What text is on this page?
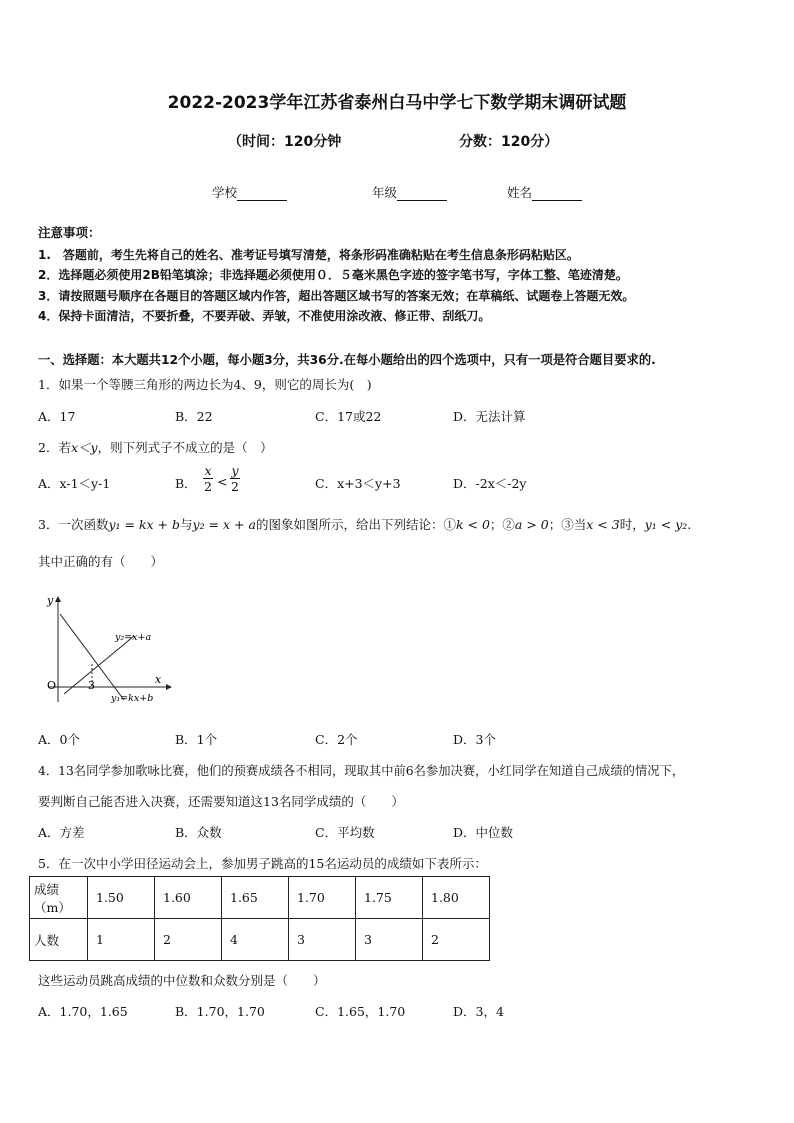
2022-2023学年江苏省泰州白马中学七下数学期末调研试题
（时间：120分钟	分数：120分）
学校	年级	姓名
注意事项：
1.　答题前，考生先将自己的姓名、准考证号填写清楚，将条形码准确粘贴在考生信息条形码粘贴区。
2．选择题必须使用2B铅笔填涂；非选择题必须使用０．５毫米黑色字迹的签字笔书写，字体工整、笔迹清楚。
3．请按照题号顺序在各题目的答题区域内作答，超出答题区域书写的答案无效；在草稿纸、试题卷上答题无效。
4．保持卡面清洁，不要折叠，不要弄破、弄皱，不准使用涂改液、修正带、刮纸刀。
一、选择题：本大题共12个小题，每小题3分，共36分.在每小题给出的四个选项中，只有一项是符合题目要求的.
1．如果一个等腰三角形的两边长为4、9，则它的周长为(　)
A．17	B．22	C．17或22	D．无法计算
2．若x＜y，则下列式子不成立的是（　）
A．x-1＜y-1	B．
x
2 <
y
2	C．x+3＜y+3	D．-2x＜-2y
3．一次函数y₁ = kx + b与y₂ = x + a的图象如图所示，给出下列结论：①k < 0；②a > 0；③当x < 3时，y₁ < y₂.
其中正确的有（　　）
y
x
O	3
y₂=x+a
y₁=kx+b
A．0个	B．1个	C．2个	D．3个
4．13名同学参加歌咏比赛，他们的预赛成绩各不相同，现取其中前6名参加决赛，小红同学在知道自己成绩的情况下，
要判断自己能否进入决赛，还需要知道这13名同学成绩的（　　）
A．方差	B．众数	C．平均数	D．中位数
5．在一次中小学田径运动会上，参加男子跳高的15名运动员的成绩如下表所示：
成绩（m）	1.50	1.60	1.65	1.70	1.75	1.80
人数	1	2	4	3	3	2
这些运动员跳高成绩的中位数和众数分别是（　　）
A．1.70，1.65	B．1.70，1.70	C．1.65，1.70	D．3，4
